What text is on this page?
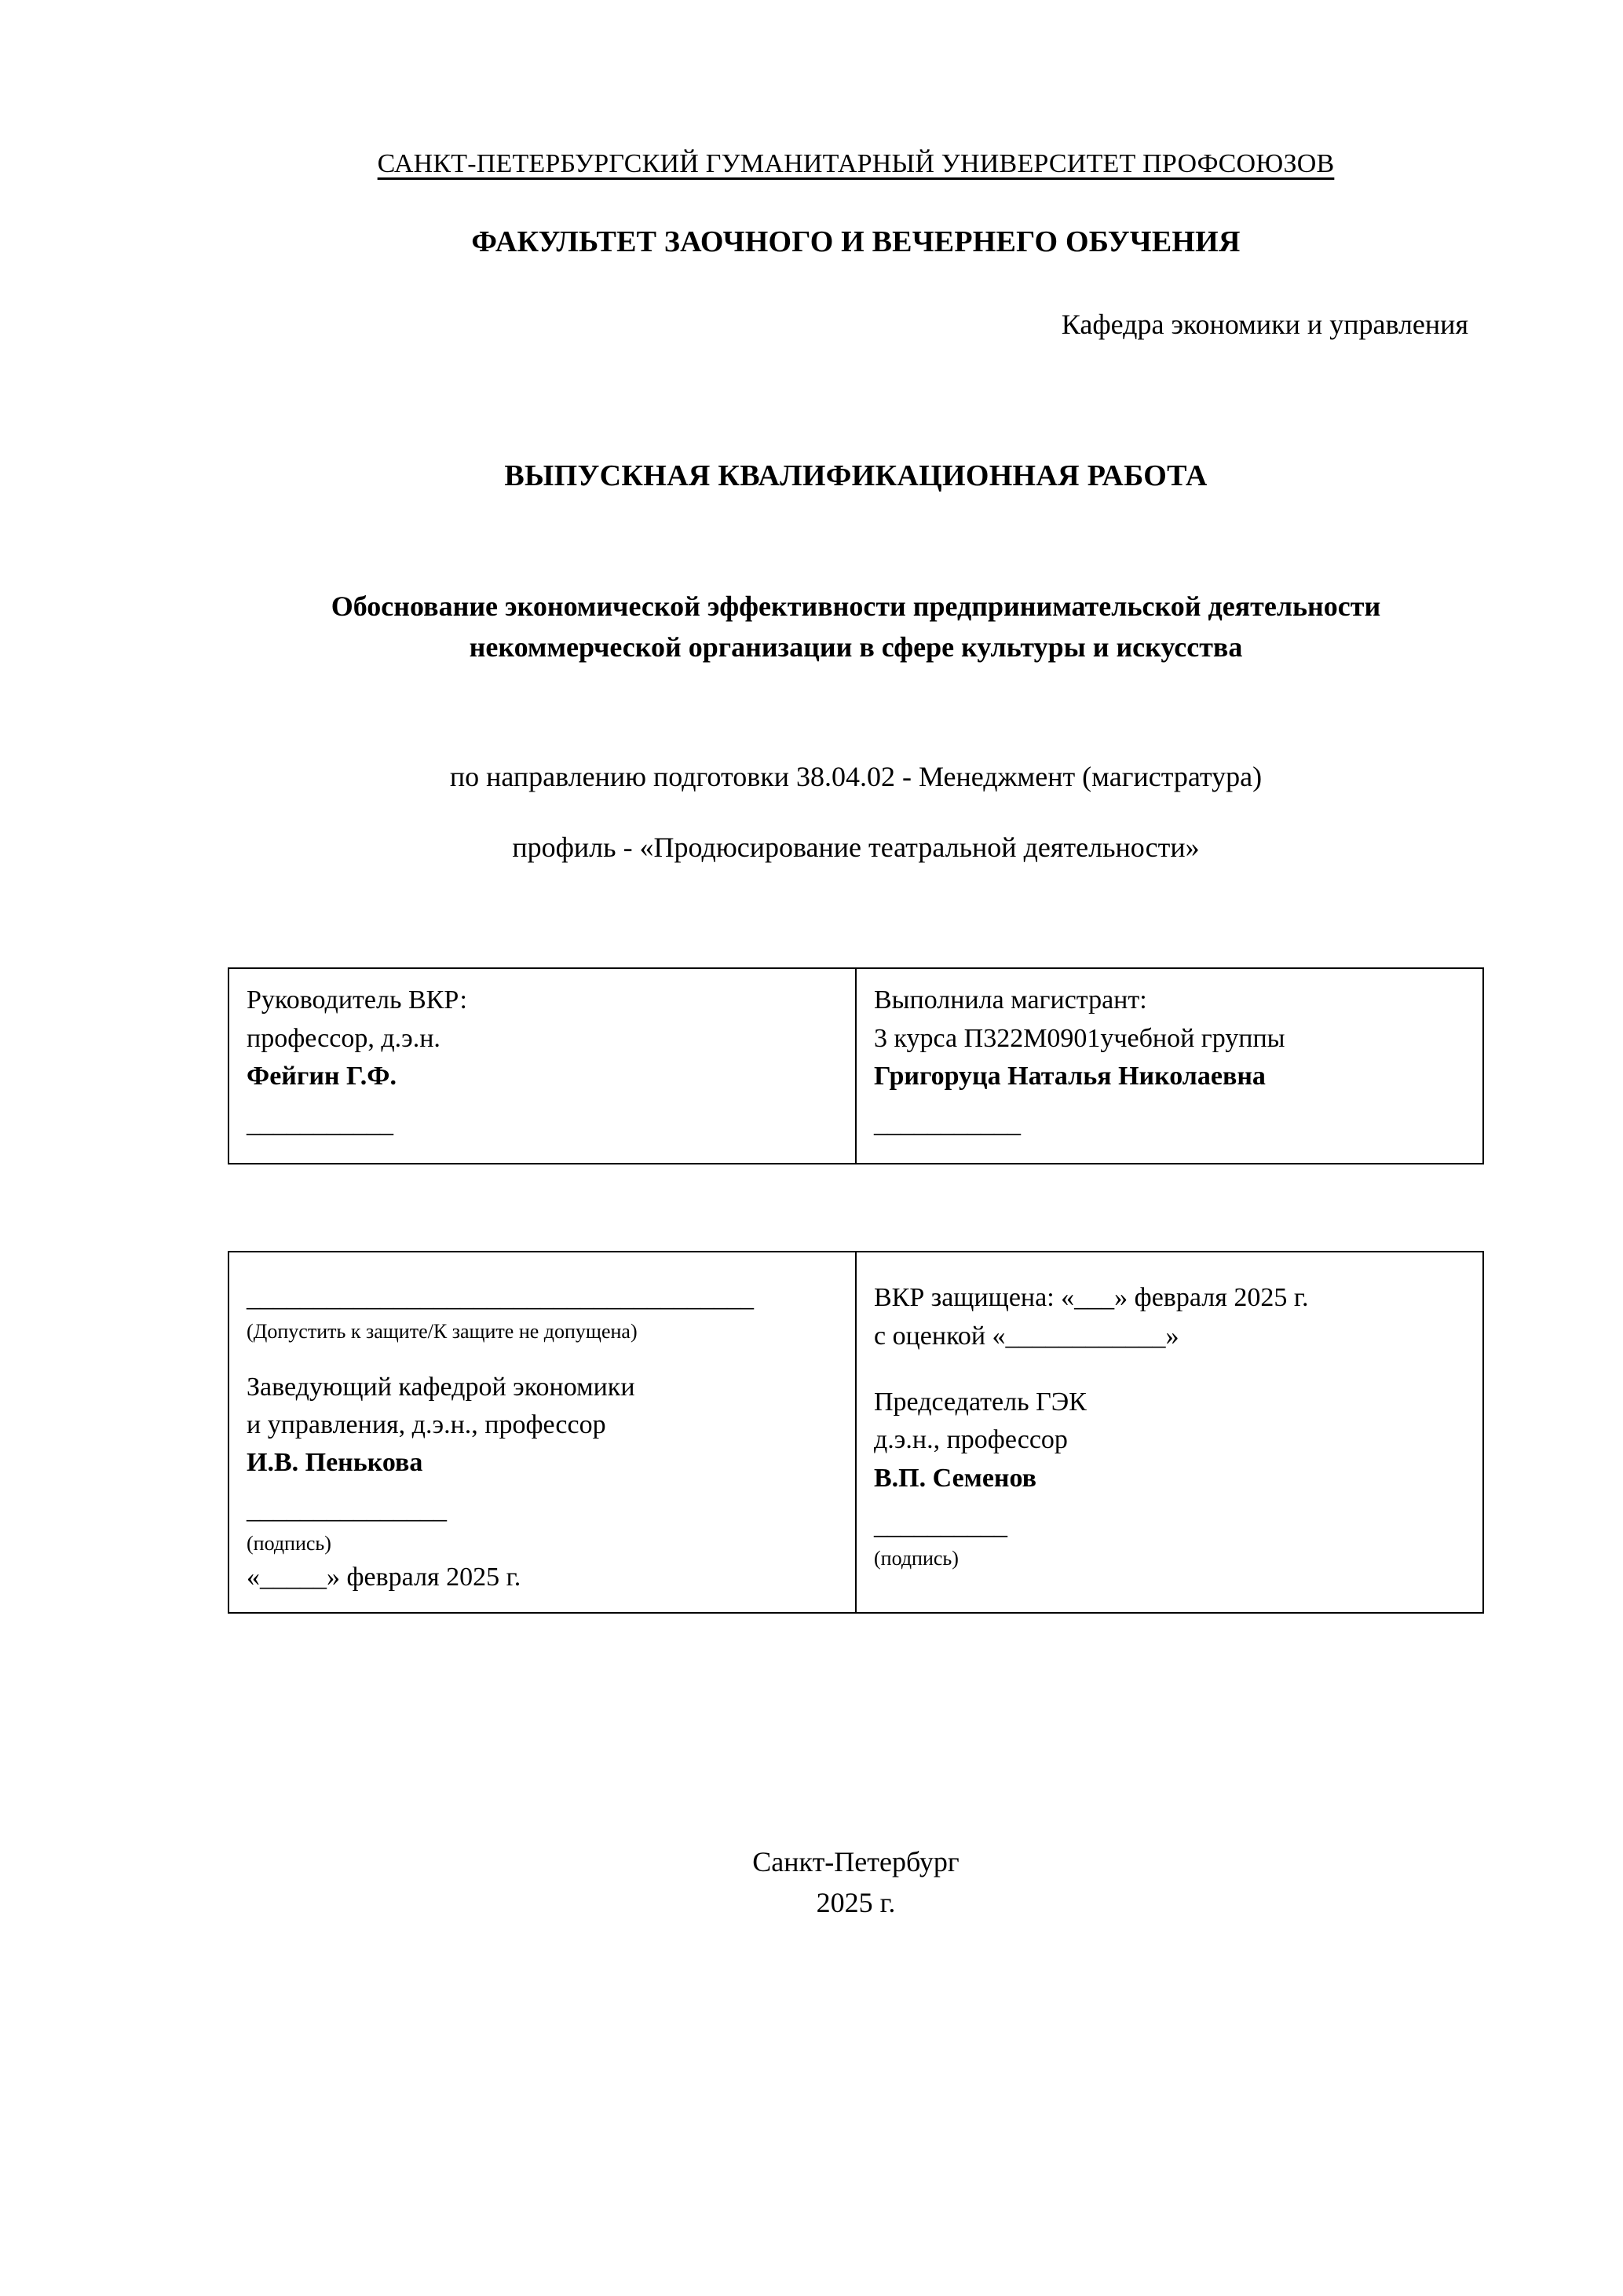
САНКТ-ПЕТЕРБУРГСКИЙ ГУМАНИТАРНЫЙ УНИВЕРСИТЕТ ПРОФСОЮЗОВ
ФАКУЛЬТЕТ ЗАОЧНОГО И ВЕЧЕРНЕГО ОБУЧЕНИЯ
Кафедра экономики и управления
ВЫПУСКНАЯ КВАЛИФИКАЦИОННАЯ РАБОТА
Обоснование экономической эффективности предпринимательской деятельности некоммерческой организации в сфере культуры и искусства
по направлению подготовки 38.04.02 - Менеджмент (магистратура)
профиль - «Продюсирование театральной деятельности»
Руководитель ВКР:
профессор, д.э.н.
Фейгин Г.Ф.
___________

Выполнила магистрант:
3 курса П322М0901учебной группы
Григоруца Наталья Николаевна
___________
______________________________________
(Допустить к защите/К защите не допущена)
Заведующий кафедрой экономики
и управления, д.э.н., профессор
И.В. Пенькова
_______________
(подпись)
«_____» февраля 2025 г.

ВКР защищена: «___» февраля 2025 г.
с оценкой «____________»
Председатель ГЭК
д.э.н., профессор
В.П. Семенов
__________
(подпись)
Санкт-Петербург
2025 г.
